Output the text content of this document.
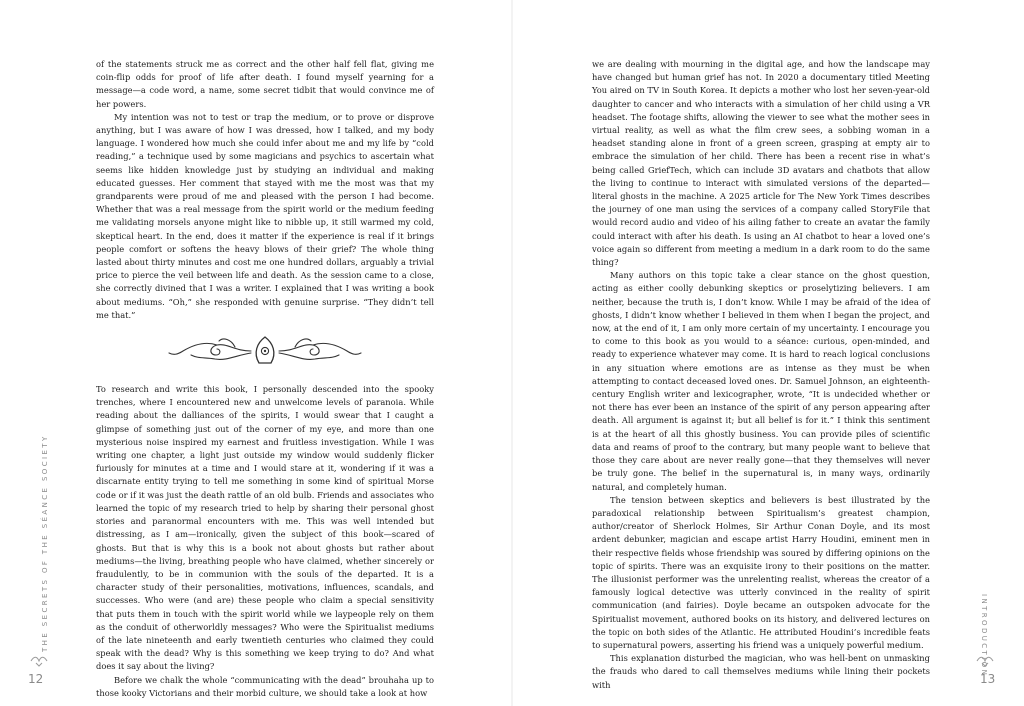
of the statements struck me as correct and the other half fell flat, giving me coin-flip odds for proof of life after death. I found myself yearning for a message—a code word, a name, some secret tidbit that would convince me of her powers.

My intention was not to test or trap the medium, or to prove or disprove anything, but I was aware of how I was dressed, how I talked, and my body language. I wondered how much she could infer about me and my life by “cold reading,” a technique used by some magicians and psychics to ascertain what seems like hidden knowledge just by studying an individual and making educated guesses. Her comment that stayed with me the most was that my grandparents were proud of me and pleased with the person I had become. Whether that was a real message from the spirit world or the medium feeding me validating morsels anyone might like to nibble up, it still warmed my cold, skeptical heart. In the end, does it matter if the experience is real if it brings people comfort or softens the heavy blows of their grief? The whole thing lasted about thirty minutes and cost me one hundred dollars, arguably a trivial price to pierce the veil between life and death. As the session came to a close, she correctly divined that I was a writer. I explained that I was writing a book about mediums. “Oh,” she responded with genuine surprise. “They didn’t tell me that.”

To research and write this book, I personally descended into the spooky trenches, where I encountered new and unwelcome levels of paranoia. While reading about the dalliances of the spirits, I would swear that I caught a glimpse of something just out of the corner of my eye, and more than one mysterious noise inspired my earnest and fruitless investigation. While I was writing one chapter, a light just outside my window would suddenly flicker furiously for minutes at a time and I would stare at it, wondering if it was a discarnate entity trying to tell me something in some kind of spiritual Morse code or if it was just the death rattle of an old bulb. Friends and associates who learned the topic of my research tried to help by sharing their personal ghost stories and paranormal encounters with me. This was well intended but distressing, as I am—ironically, given the subject of this book—scared of ghosts. But that is why this is a book not about ghosts but rather about mediums—the living, breathing people who have claimed, whether sincerely or fraudulently, to be in communion with the souls of the departed. It is a character study of their personalities, motivations, influences, scandals, and successes. Who were (and are) these people who claim a special sensitivity that puts them in touch with the spirit world while we laypeople rely on them as the conduit of otherworldly messages? Who were the Spiritualist mediums of the late nineteenth and early twentieth centuries who claimed they could speak with the dead? Why is this something we keep trying to do? And what does it say about the living?

Before we chalk the whole “communicating with the dead” brouhaha up to those kooky Victorians and their morbid culture, we should take a look at how

we are dealing with mourning in the digital age, and how the landscape may have changed but human grief has not. In 2020 a documentary titled Meeting You aired on TV in South Korea. It depicts a mother who lost her seven-year-old daughter to cancer and who interacts with a simulation of her child using a VR headset. The footage shifts, allowing the viewer to see what the mother sees in virtual reality, as well as what the film crew sees, a sobbing woman in a headset standing alone in front of a green screen, grasping at empty air to embrace the simulation of her child. There has been a recent rise in what’s being called GriefTech, which can include 3D avatars and chatbots that allow the living to continue to interact with simulated versions of the departed—literal ghosts in the machine. A 2025 article for The New York Times describes the journey of one man using the services of a company called StoryFile that would record audio and video of his ailing father to create an avatar the family could interact with after his death. Is using an AI chatbot to hear a loved one’s voice again so different from meeting a medium in a dark room to do the same thing?

Many authors on this topic take a clear stance on the ghost question, acting as either coolly debunking skeptics or proselytizing believers. I am neither, because the truth is, I don’t know. While I may be afraid of the idea of ghosts, I didn’t know whether I believed in them when I began the project, and now, at the end of it, I am only more certain of my uncertainty. I encourage you to come to this book as you would to a séance: curious, open-minded, and ready to experience whatever may come. It is hard to reach logical conclusions in any situation where emotions are as intense as they must be when attempting to contact deceased loved ones. Dr. Samuel Johnson, an eighteenth-century English writer and lexicographer, wrote, “It is undecided whether or not there has ever been an instance of the spirit of any person appearing after death. All argument is against it; but all belief is for it.” I think this sentiment is at the heart of all this ghostly business. You can provide piles of scientific data and reams of proof to the contrary, but many people want to believe that those they care about are never really gone—that they themselves will never be truly gone. The belief in the supernatural is, in many ways, ordinarily natural, and completely human.

The tension between skeptics and believers is best illustrated by the paradoxical relationship between Spiritualism’s greatest champion, author/creator of Sherlock Holmes, Sir Arthur Conan Doyle, and its most ardent debunker, magician and escape artist Harry Houdini, eminent men in their respective fields whose friendship was soured by differing opinions on the topic of spirits. There was an exquisite irony to their positions on the matter. The illusionist performer was the unrelenting realist, whereas the creator of a famously logical detective was utterly convinced in the reality of spirit communication (and fairies). Doyle became an outspoken advocate for the Spiritualist movement, authored books on its history, and delivered lectures on the topic on both sides of the Atlantic. He attributed Houdini’s incredible feats to supernatural powers, asserting his friend was a uniquely powerful medium.

This explanation disturbed the magician, who was hell-bent on unmasking the frauds who dared to call themselves mediums while lining their pockets with

THE SECRETS OF THE SÉANCE SOCIETY	INTRODUCTION
12	13
